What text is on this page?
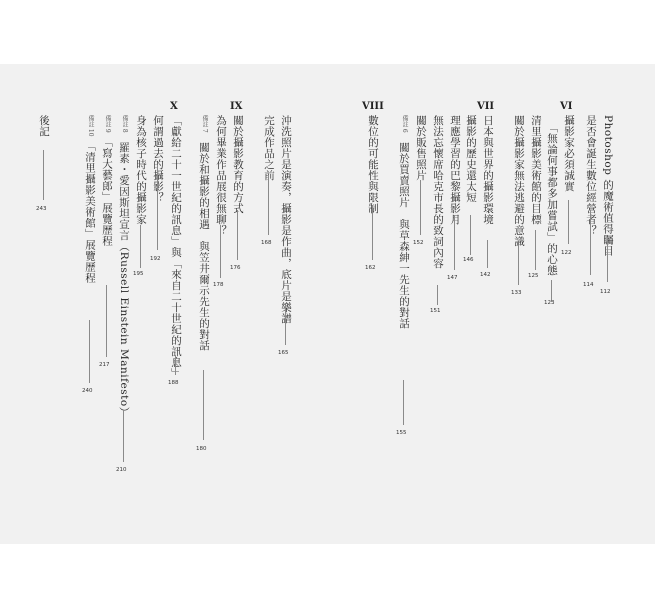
VI
Photoshop 的魔術值得矚目
112
是否會誕生數位經營者？
114
攝影家必須誠實
122
「無論何事都多加嘗試」的心態
123
清里攝影美術館的目標
125
關於攝影家無法逃避的意識
133
VII
日本與世界的攝影環境
142
攝影的歷史還太短
146
理應學習的巴黎攝影月
147
無法忘懷席哈克市長的致詞內容
151
關於販售照片
152
備註 6　關於買賣照片　與草森紳一先生的對話
155
VIII
數位的可能性與限制
162
沖洗照片是演奏，攝影是作曲，底片是樂譜
165
完成作品之前
168
IX
關於攝影教育的方式
176
為何畢業作品展很無聊？
178
備註 7　關於和攝影的相遇　與笠井爾示先生的對話
180
X
「獻給二十一世紀的訊息」與「來自二十世紀的訊息」
188
何謂過去的攝影？
192
身為核子時代的攝影家
195
備註 8　羅素・愛因斯坦宣言（Russell Einstein Manifesto）
210
備註 9　「寫大藝郎」展覽歷程
217
備註 10　「清里攝影美術館」展覽歷程
240
後記
243
